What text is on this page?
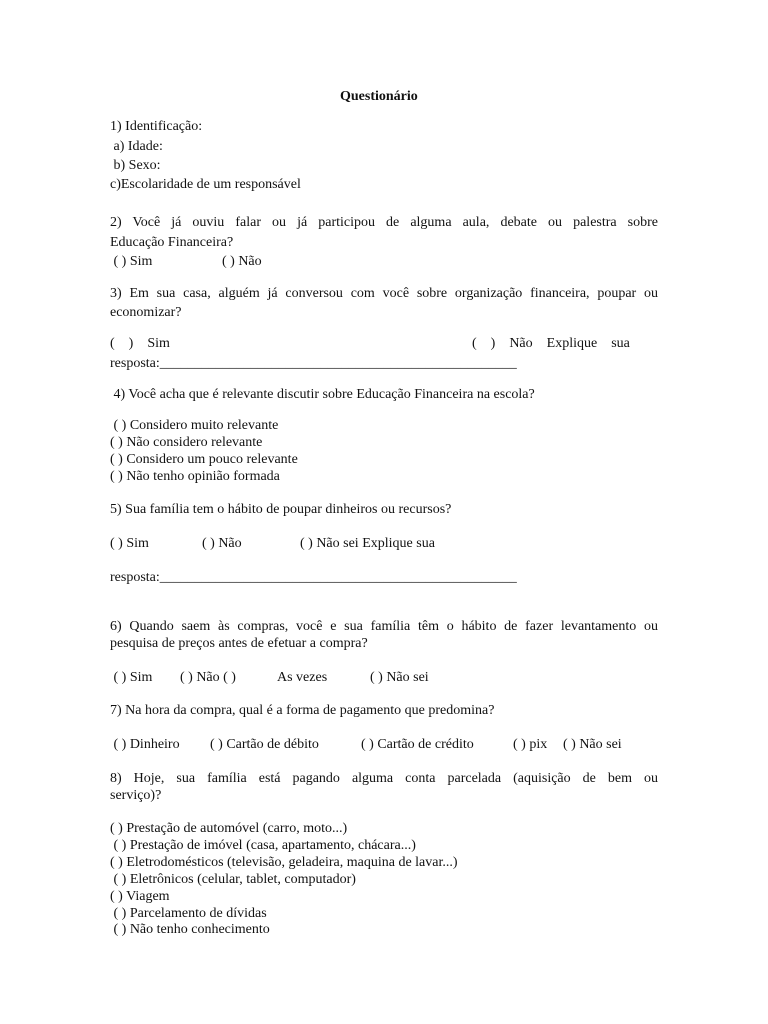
Questionário
1) Identificação:
a) Idade:
b) Sexo:
c)Escolaridade de um responsável
2) Você já ouviu falar ou já participou de alguma aula, debate ou palestra sobre
Educação Financeira?
( ) Sim	( ) Não
3) Em sua casa, alguém já conversou com você sobre organização financeira, poupar ou
economizar?
(    )    Sim	(    )    Não    Explique    sua
resposta:___________________________________________________
4) Você acha que é relevante discutir sobre Educação Financeira na escola?
( ) Considero muito relevante
( ) Não considero relevante
( ) Considero um pouco relevante
( ) Não tenho opinião formada
5) Sua família tem o hábito de poupar dinheiros ou recursos?
( ) Sim	( ) Não	( ) Não sei Explique sua
resposta:___________________________________________________
6) Quando saem às compras, você e sua família têm o hábito de fazer levantamento ou
pesquisa de preços antes de efetuar a compra?
( ) Sim ( ) Não ( )	As vezes	( ) Não sei
7) Na hora da compra, qual é a forma de pagamento que predomina?
( ) Dinheiro ( ) Cartão de débito	( ) Cartão de crédito	( ) pix ( ) Não sei
8) Hoje, sua família está pagando alguma conta parcelada (aquisição de bem ou
serviço)?
( ) Prestação de automóvel (carro, moto...)
( ) Prestação de imóvel (casa, apartamento, chácara...)
( ) Eletrodomésticos (televisão, geladeira, maquina de lavar...)
( ) Eletrônicos (celular, tablet, computador)
( ) Viagem
( ) Parcelamento de dívidas
( ) Não tenho conhecimento
